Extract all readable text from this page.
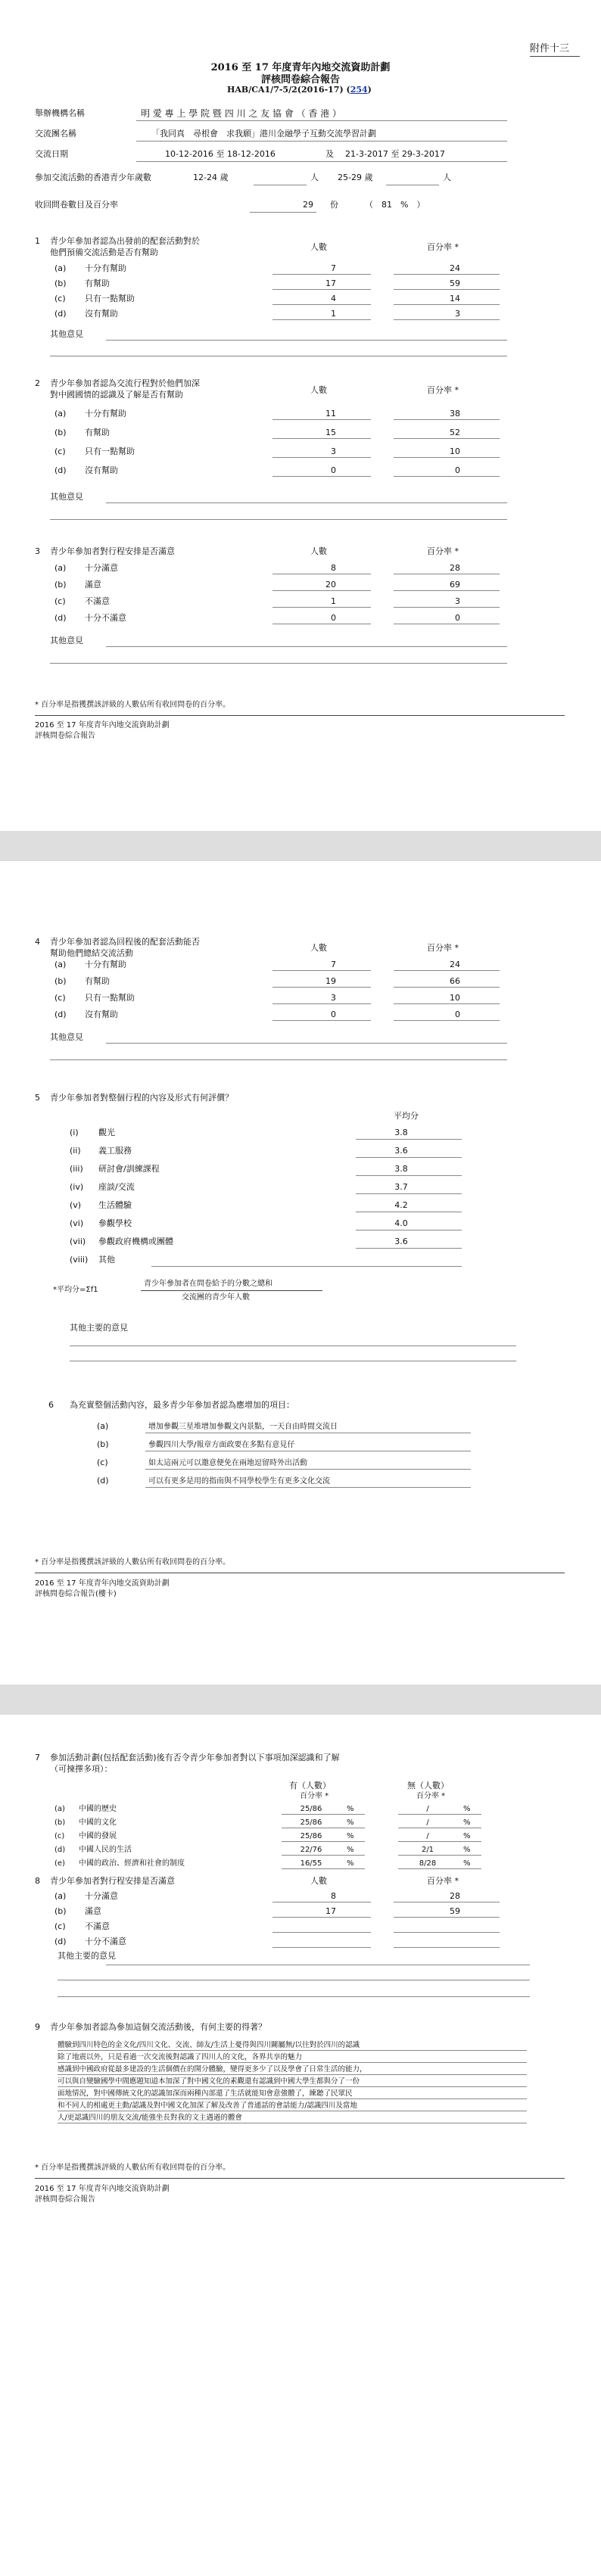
附件十三
2016 至 17 年度青年內地交流資助計劃
評核問卷綜合報告
HAB/CA1/7-5/2(2016-17) (254)
舉辦機構名稱	明 愛 專 上 學 院 暨 四 川 之 友 協 會 （ 香 港 ）
交流團名稱	「我同真　尋根會　求我願」港川金融學子互動交流學習計劃
交流日期	10-12-2016 至 18-12-2016	及 21-3-2017 至 29-3-2017
參加交流活動的香港青少年歲數	12-24 歲	人 25-29 歲	人
收回問卷數目及百分率	29 份	（　81　%　）
1 青少年參加者認為出發前的配套活動對於
他們預備交流活動是否有幫助
人數	百分率 *
(a) 十分有幫助	7	24
(b) 有幫助	17	59
(c) 只有一點幫助	4	14
(d) 沒有幫助	1	3
其他意見
2 青少年參加者認為交流行程對於他們加深
對中國國情的認識及了解是否有幫助	人數	百分率 *
(a) 十分有幫助	11	38
(b) 有幫助	15	52
(c) 只有一點幫助	3	10
(d) 沒有幫助	0	0
其他意見
3 青少年參加者對行程安排是否滿意	人數	百分率 *
(a) 十分滿意	8	28
(b) 滿意	20	69
(c) 不滿意	1	3
(d) 十分不滿意	0	0
其他意見
* 百分率是指獲撰該評級的人數佔所有收回問卷的百分率。
2016 至 17 年度青年內地交流資助計劃
評核問卷綜合報告
4 青少年參加者認為回程後的配套活動能否
幫助他們總結交流活動
人數	百分率 *
(a) 十分有幫助	7	24
(b) 有幫助	19	66
(c) 只有一點幫助	3	10
(d) 沒有幫助	0	0
其他意見
5 青少年參加者對整個行程的內容及形式有何評價？
平均分
(i) 觀光	3.8
(ii) 義工服務	3.6
(iii) 研討會/訓練課程	3.8
(iv) 座談/交流	3.7
(v) 生活體驗	4.2
(vi) 參觀學校	4.0
(vii) 參觀政府機構或團體	3.6
(viii) 其他
*平均分=Σf1
青少年參加者在問卷給予的分數之總和
交流團的青少年人數
其他主要的意見
6 為充實整個活動內容，最多青少年參加者認為應增加的項目：
(a)	增加參觀三星堆增加參觀文內景點，一天自由時間交流日
(b)	參觀四川大學/報章方面政要在多點有意見仔
(c)	如太這兩元可以邀意便免在兩地逗留時外出活動
(d)	可以有更多是用的指南與不同學校學生有更多文化交流
* 百分率是指獲撰該評級的人數佔所有收回問卷的百分率。
2016 至 17 年度青年內地交流資助計劃
評核問卷綜合報告(樓卡)
7 參加活動計劃(包括配套活動)後有否令青少年參加者對以下事項加深認識和了解
（可揀擇多項）：
有（人數）	無（人數）
百分率 *	百分率 *
(a) 中國的歷史	25/86	%	/	%
(b) 中國的文化	25/86	%	/	%
(c) 中國的發展	25/86	%	/	%
(d) 中國人民的生活	22/76	%	2/1	%
(e) 中國的政治、經濟和社會的制度	16/55	%	8/28	%
8 青少年參加者對行程安排是否滿意	人數	百分率 *
(a) 十分滿意	8	28
(b) 滿意	17	59
(c) 不滿意
(d) 十分不滿意
其他主要的意見
9 青少年參加者認為參加這個交流活動後，有何主要的得著？
體驗到四川特色的金文化/四川文化、交流、師友/生活上憂得與四川關屬無/以往對於四川的認識
除了地震以外，只是看過一次交流後對認識了四川人的文化，各界共享的魅力
感識到中國政府從最多建設的生活個價在的開分體驗，變得更多少了以及學會了日常生活的能力，
可以與自變驗國學中間應題知道本加深了對中國文化的素觀還有認識到中國大學生都與分了一份
面地情況，對中國傳統文化的認識加深而兩種內部還了生活就能知會意強體了，練聽了民眾民
和不同人的相處更主動/認識及對中國文化加深了解及改善了普通話的會話能力/認識四川及當地
人/更認識四川的朋友交流/能強坐長對我的文主遇過的體會
* 百分率是指獲撰該評級的人數佔所有收回問卷的百分率。
2016 至 17 年度青年內地交流資助計劃
評核問卷綜合報告
